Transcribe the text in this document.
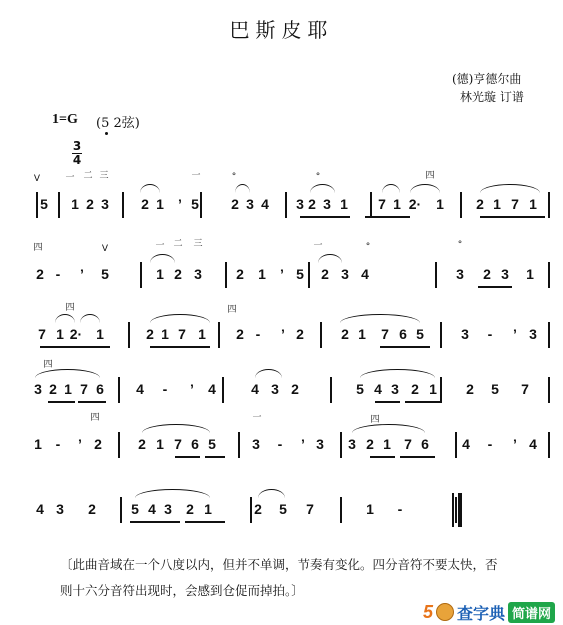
巴斯皮耶
(德)亨德尔曲
林光璇 订谱
1=G (5 2弦)
3
4
5 1 2 3 2 1 ’ 5 2 3 4 3 2 3 1 7 1 2· 1 2 1 7 1
V	一 二 三	一	°	°	四
2 - ’ 5	1 2 3 2 1 ’ 5 2 3 4	3 2 3 1
四	V	一 二 三	一	°	°
7 1 2· 1	2 1 7 1 2 - ’ 2	2 1 7 6 5	3 - ’ 3
四	四
3 2 1 7 6 4 - ’ 4	4 3 2	5 4 3 2 1 2 5 7
四
1 - ’ 2	2 1 7 6 5	3 - ’ 3 3 2 1 7 6 4 - ’ 4
四	一	四
4 3 2	5 4 3 2 1	2 5 7	1 -
〔此曲音域在一个八度以内，但并不单调，节奏有变化。四分音符不要太快，否
则十六分音符出现时，会感到仓促而掉拍。〕
5 查字典 简谱网
